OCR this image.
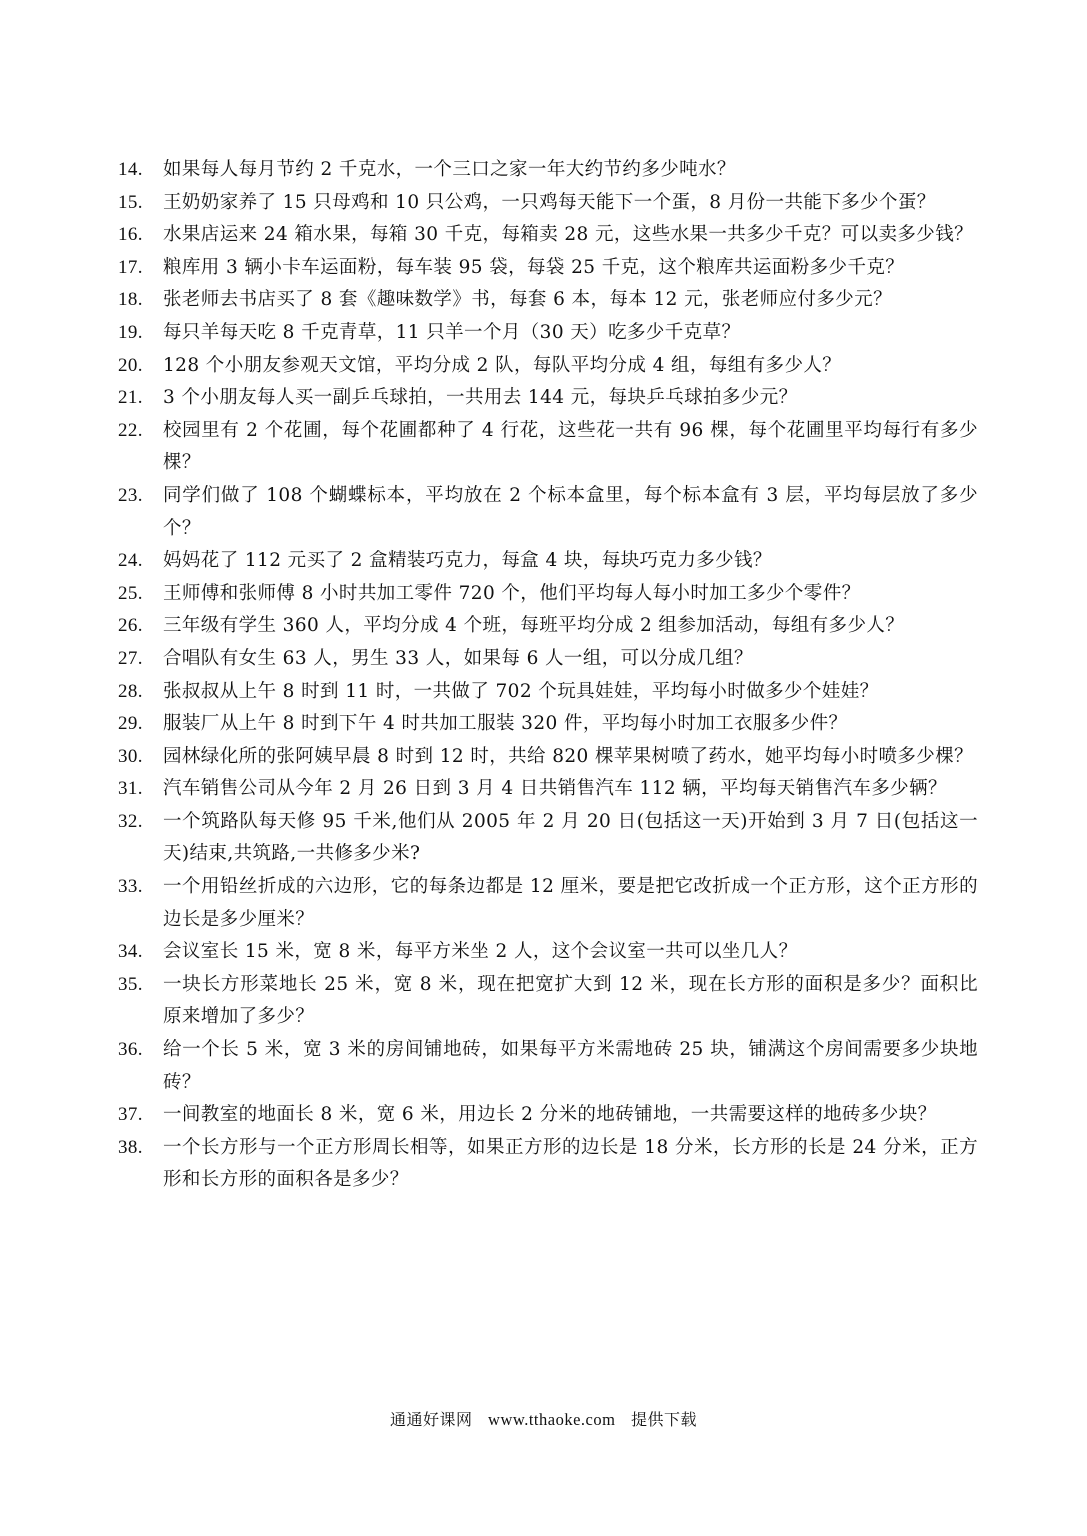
14. 如果每人每月节约 2 千克水，一个三口之家一年大约节约多少吨水？
15. 王奶奶家养了 15 只母鸡和 10 只公鸡，一只鸡每天能下一个蛋，8 月份一共能下多少个蛋？
16. 水果店运来 24 箱水果，每箱 30 千克，每箱卖 28 元，这些水果一共多少千克？可以卖多少钱？
17. 粮库用 3 辆小卡车运面粉，每车装 95 袋，每袋 25 千克，这个粮库共运面粉多少千克？
18. 张老师去书店买了 8 套《趣味数学》书，每套 6 本，每本 12 元，张老师应付多少元？
19. 每只羊每天吃 8 千克青草，11 只羊一个月（30 天）吃多少千克草？
20. 128 个小朋友参观天文馆，平均分成 2 队，每队平均分成 4 组，每组有多少人？
21. 3 个小朋友每人买一副乒乓球拍，一共用去 144 元，每块乒乓球拍多少元？
22. 校园里有 2 个花圃，每个花圃都种了 4 行花，这些花一共有 96 棵，每个花圃里平均每行有多少棵？
23. 同学们做了 108 个蝴蝶标本，平均放在 2 个标本盒里，每个标本盒有 3 层，平均每层放了多少个？
24. 妈妈花了 112 元买了 2 盒精装巧克力，每盒 4 块，每块巧克力多少钱？
25. 王师傅和张师傅 8 小时共加工零件 720 个，他们平均每人每小时加工多少个零件？
26. 三年级有学生 360 人，平均分成 4 个班，每班平均分成 2 组参加活动，每组有多少人？
27. 合唱队有女生 63 人，男生 33 人，如果每 6 人一组，可以分成几组？
28. 张叔叔从上午 8 时到 11 时，一共做了 702 个玩具娃娃，平均每小时做多少个娃娃？
29. 服装厂从上午 8 时到下午 4 时共加工服装 320 件，平均每小时加工衣服多少件？
30. 园林绿化所的张阿姨早晨 8 时到 12 时，共给 820 棵苹果树喷了药水，她平均每小时喷多少棵？
31. 汽车销售公司从今年 2 月 26 日到 3 月 4 日共销售汽车 112 辆，平均每天销售汽车多少辆？
32. 一个筑路队每天修 95 千米,他们从 2005 年 2 月 20 日(包括这一天)开始到 3 月 7 日(包括这一天)结束,共筑路,一共修多少米?
33. 一个用铅丝折成的六边形，它的每条边都是 12 厘米，要是把它改折成一个正方形，这个正方形的边长是多少厘米？
34. 会议室长 15 米，宽 8 米，每平方米坐 2 人，这个会议室一共可以坐几人？
35. 一块长方形菜地长 25 米，宽 8 米，现在把宽扩大到 12 米，现在长方形的面积是多少？面积比原来增加了多少？
36. 给一个长 5 米，宽 3 米的房间铺地砖，如果每平方米需地砖 25 块，铺满这个房间需要多少块地砖？
37. 一间教室的地面长 8 米，宽 6 米，用边长 2 分米的地砖铺地，一共需要这样的地砖多少块？
38. 一个长方形与一个正方形周长相等，如果正方形的边长是 18 分米，长方形的长是 24 分米，正方形和长方形的面积各是多少？
通通好课网 www.tthaoke.com 提供下载
